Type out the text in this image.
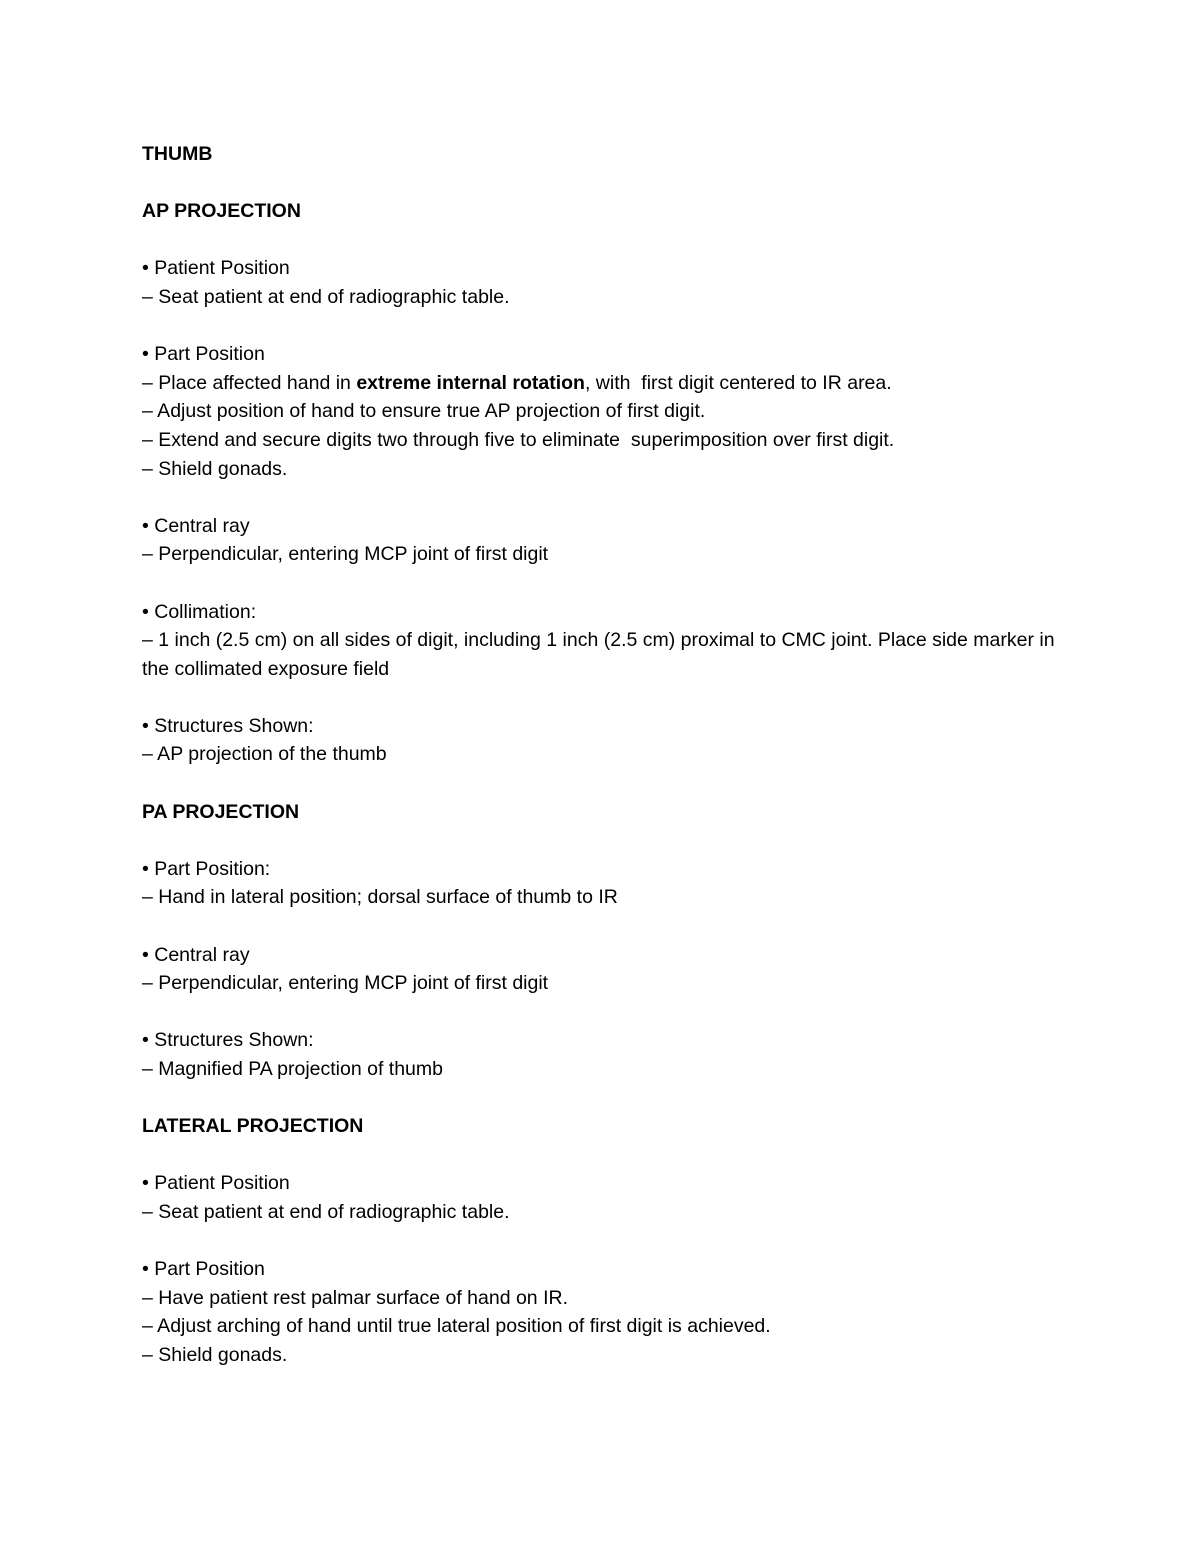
THUMB

AP PROJECTION

• Patient Position

– Seat patient at end of radiographic table.

• Part Position

– Place affected hand in extreme internal rotation, with  first digit centered to IR area.

– Adjust position of hand to ensure true AP projection of first digit.

– Extend and secure digits two through five to eliminate  superimposition over first digit.

– Shield gonads.

• Central ray

– Perpendicular, entering MCP joint of first digit

• Collimation:

– 1 inch (2.5 cm) on all sides of digit, including 1 inch (2.5 cm) proximal to CMC joint. Place side marker in the collimated exposure field

• Structures Shown:

– AP projection of the thumb

PA PROJECTION

• Part Position:

– Hand in lateral position; dorsal surface of thumb to IR

• Central ray

– Perpendicular, entering MCP joint of first digit

• Structures Shown:

– Magnified PA projection of thumb

LATERAL PROJECTION

• Patient Position

– Seat patient at end of radiographic table.

• Part Position

– Have patient rest palmar surface of hand on IR.

– Adjust arching of hand until true lateral position of first digit is achieved.

– Shield gonads.
